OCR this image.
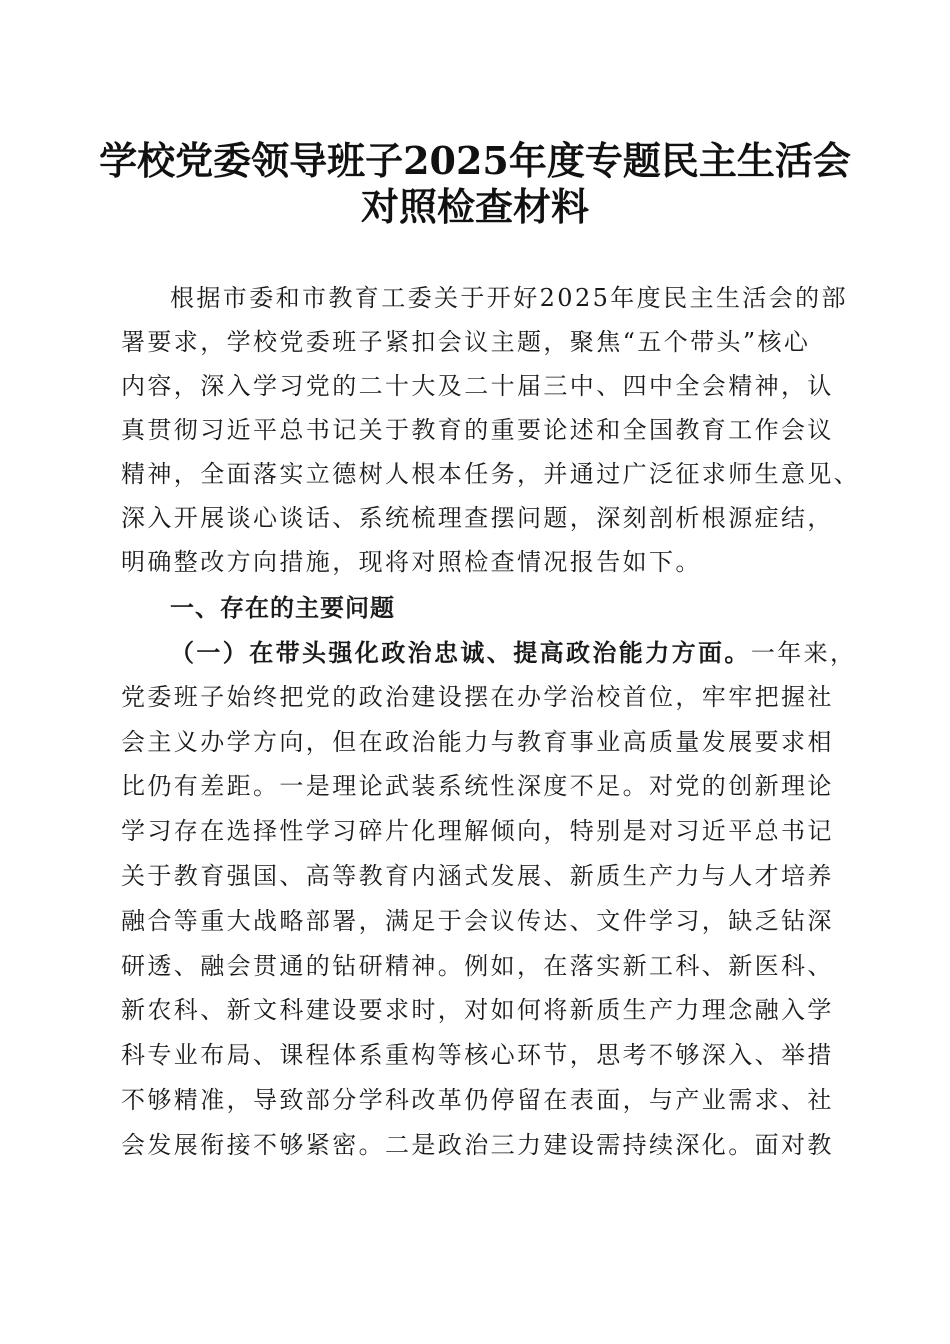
学校党委领导班子2025年度专题民主生活会
对照检查材料
根据市委和市教育工委关于开好2025年度民主生活会的部
署要求，学校党委班子紧扣会议主题，聚焦“五个带头”核心
内容，深入学习党的二十大及二十届三中、四中全会精神，认
真贯彻习近平总书记关于教育的重要论述和全国教育工作会议
精神，全面落实立德树人根本任务，并通过广泛征求师生意见、
深入开展谈心谈话、系统梳理查摆问题，深刻剖析根源症结，
明确整改方向措施，现将对照检查情况报告如下。
一、存在的主要问题
（一）在带头强化政治忠诚、提高政治能力方面。一年来，
党委班子始终把党的政治建设摆在办学治校首位，牢牢把握社
会主义办学方向，但在政治能力与教育事业高质量发展要求相
比仍有差距。一是理论武装系统性深度不足。对党的创新理论
学习存在选择性学习碎片化理解倾向，特别是对习近平总书记
关于教育强国、高等教育内涵式发展、新质生产力与人才培养
融合等重大战略部署，满足于会议传达、文件学习，缺乏钻深
研透、融会贯通的钻研精神。例如，在落实新工科、新医科、
新农科、新文科建设要求时，对如何将新质生产力理念融入学
科专业布局、课程体系重构等核心环节，思考不够深入、举措
不够精准，导致部分学科改革仍停留在表面，与产业需求、社
会发展衔接不够紧密。二是政治三力建设需持续深化。面对教
